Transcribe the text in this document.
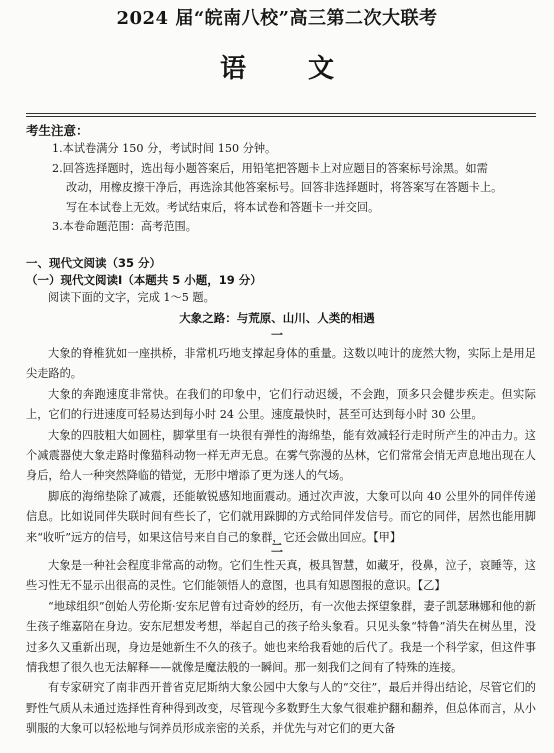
2024 届“皖南八校”高三第二次大联考
语文
考生注意：
1.本试卷满分 150 分，考试时间 150 分钟。
2.回答选择题时，选出每小题答案后，用铅笔把答题卡上对应题目的答案标号涂黑。如需
改动，用橡皮擦干净后，再选涂其他答案标号。回答非选择题时，将答案写在答题卡上。
写在本试卷上无效。考试结束后，将本试卷和答题卡一并交回。
3.本卷命题范围：高考范围。
一、现代文阅读（35 分）
（一）现代文阅读Ⅰ（本题共 5 小题，19 分）
阅读下面的文字，完成 1～5 题。
大象之路：与荒原、山川、人类的相遇
一

大象的脊椎犹如一座拱桥，非常机巧地支撑起身体的重量。这数以吨计的庞然大物，实际上是用足尖走路的。

大象的奔跑速度非常快。在我们的印象中，它们行动迟缓，不会跑，顶多只会健步疾走。但实际上，它们的行进速度可轻易达到每小时 24 公里。速度最快时，甚至可达到每小时 30 公里。

大象的四肢粗大如圆柱，脚掌里有一块很有弹性的海绵垫，能有效减轻行走时所产生的冲击力。这个减震器使大象走路时像猫科动物一样无声无息。在雾气弥漫的丛林，它们常常会悄无声息地出现在人身后，给人一种突然降临的错觉，无形中增添了更为迷人的气场。

脚底的海绵垫除了减震，还能敏锐感知地面震动。通过次声波，大象可以向 40 公里外的同伴传递信息。比如说同伴失联时间有些长了，它们就用跺脚的方式给同伴发信号。而它的同伴，居然也能用脚来“收听”远方的信号，如果这信号来自自己的象群，它还会做出回应。【甲】

二

大象是一种社会程度非常高的动物。它们生性天真，极具智慧，如藏牙，役鼻，泣子，哀睡等，这些习性无不显示出很高的灵性。它们能领悟人的意图，也具有知恩图报的意识。【乙】

“地球组织”创始人劳伦斯·安东尼曾有过奇妙的经历，有一次他去探望象群，妻子凯瑟琳娜和他的新生孩子维嘉陪在身边。安东尼想发考想，举起自己的孩子给头象看。只见头象“特鲁”消失在树丛里，没过多久又重新出现，身边是她新生不久的孩子。她也来给我看她的后代了。我是一个科学家，但这件事情我想了很久也无法解释——就像是魔法般的一瞬间。那一刻我们之间有了特殊的连接。

有专家研究了南非西开普省克尼斯纳大象公园中大象与人的“交往”，最后并得出结论，尽管它们的野性气质从未通过选择性育种得到改变，尽管现今多数野生大象气很难护翻和翻养，但总体而言，从小驯服的大象可以轻松地与饲养员形成亲密的关系，并优先与对它们的更大备
